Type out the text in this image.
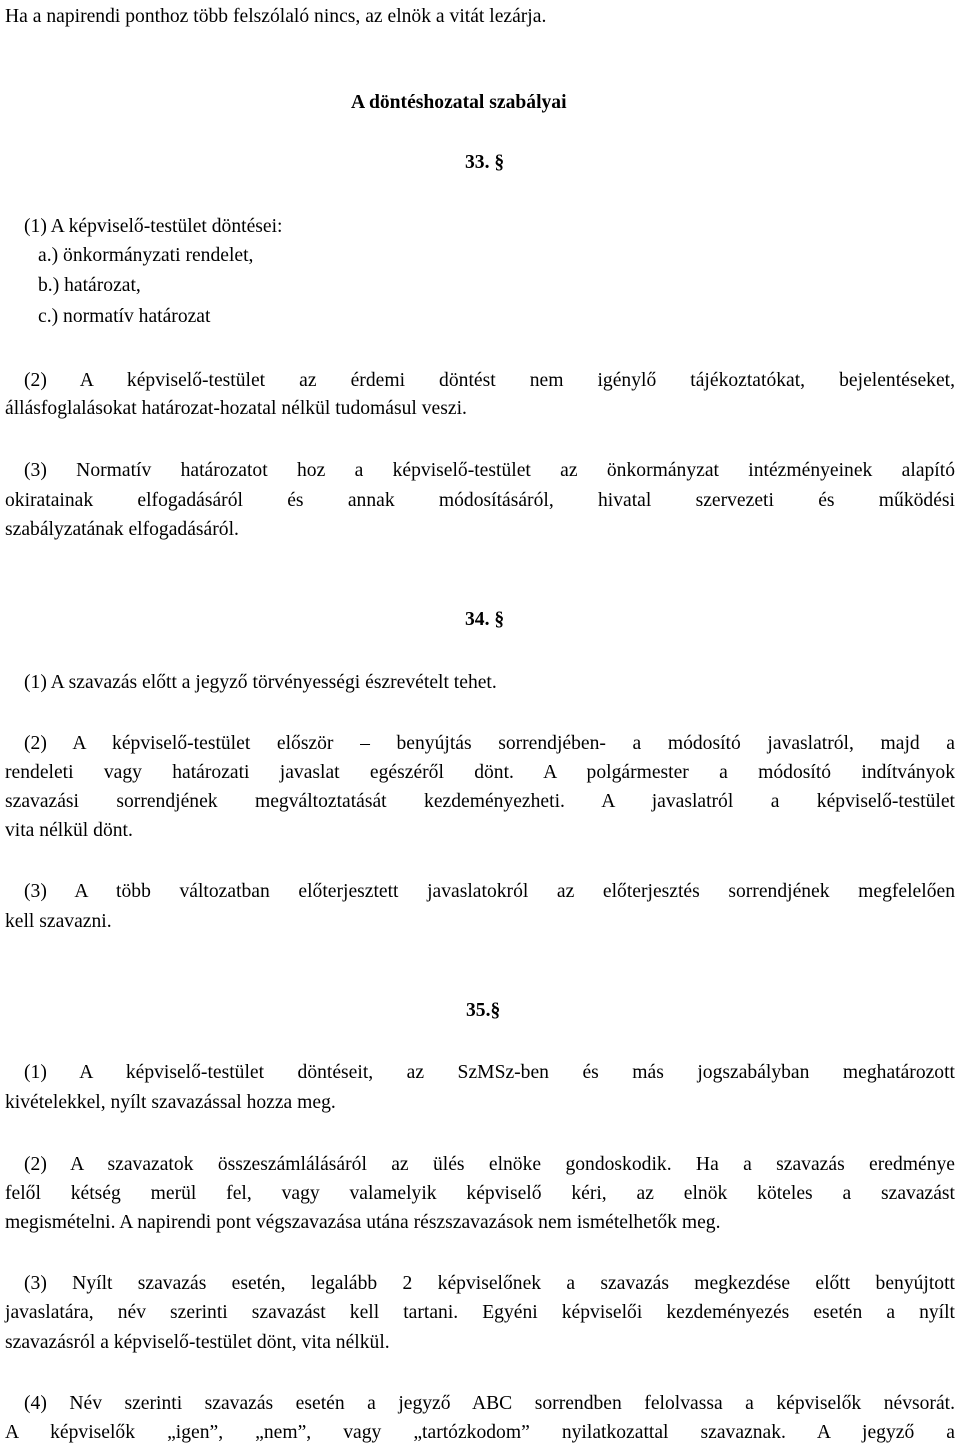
Ha a napirendi ponthoz több felszólaló nincs, az elnök a vitát lezárja.
A döntéshozatal szabályai
33. §
(1) A képviselő-testület döntései:
a.) önkormányzati rendelet,
b.) határozat,
c.) normatív határozat
(2) A képviselő-testület az érdemi döntést nem igénylő tájékoztatókat, bejelentéseket,
állásfoglalásokat határozat-hozatal nélkül tudomásul veszi.
(3) Normatív határozatot hoz a képviselő-testület az önkormányzat intézményeinek alapító
okiratainak elfogadásáról és annak módosításáról, hivatal szervezeti és működési
szabályzatának elfogadásáról.
34. §
(1) A szavazás előtt a jegyző törvényességi észrevételt tehet.
(2) A képviselő-testület először – benyújtás sorrendjében- a módosító javaslatról, majd a
rendeleti vagy határozati javaslat egészéről dönt. A polgármester a módosító indítványok
szavazási sorrendjének megváltoztatását kezdeményezheti. A javaslatról a képviselő-testület
vita nélkül dönt.
(3) A több változatban előterjesztett javaslatokról az előterjesztés sorrendjének megfelelően
kell szavazni.
35.§
(1) A képviselő-testület döntéseit, az SzMSz-ben és más jogszabályban meghatározott
kivételekkel, nyílt szavazással hozza meg.
(2) A szavazatok összeszámlálásáról az ülés elnöke gondoskodik. Ha a szavazás eredménye
felől kétség merül fel, vagy valamelyik képviselő kéri, az elnök köteles a szavazást
megismételni. A napirendi pont végszavazása utána részszavazások nem ismételhetők meg.
(3) Nyílt szavazás esetén, legalább 2 képviselőnek a szavazás megkezdése előtt benyújtott
javaslatára, név szerinti szavazást kell tartani. Egyéni képviselői kezdeményezés esetén a nyílt
szavazásról a képviselő-testület dönt, vita nélkül.
(4) Név szerinti szavazás esetén a jegyző ABC sorrendben felolvassa a képviselők névsorát.
A képviselők „igen”, „nem”, vagy „tartózkodom” nyilatkozattal szavaznak. A jegyző a
